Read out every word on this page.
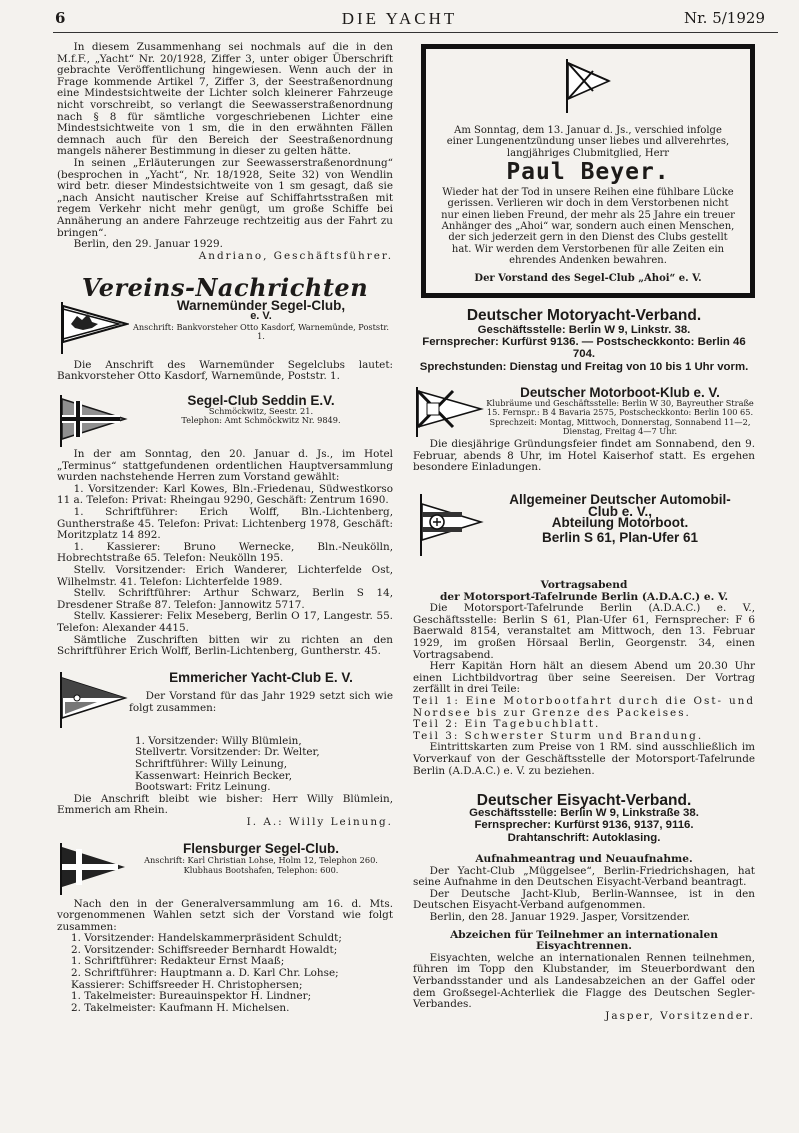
6	DIE YACHT	Nr. 5/1929

In diesem Zusammenhang sei nochmals auf die in den M.f.F., „Yacht“ Nr. 20/1928, Ziffer 3, unter obiger Überschrift gebrachte Veröffentlichung hingewiesen. Wenn auch der in Frage kommende Artikel 7, Ziffer 3, der Seestraßenordnung eine Mindestsichtweite der Lichter solch kleinerer Fahrzeuge nicht vorschreibt, so verlangt die Seewasserstraßenordnung nach § 8 für sämtliche vorgeschriebenen Lichter eine Mindestsichtweite von 1 sm, die in den erwähnten Fällen demnach auch für den Bereich der Seestraßenordnung mangels näherer Bestimmung in dieser zu gelten hätte.

In seinen „Erläuterungen zur Seewasserstraßenordnung“ (besprochen in „Yacht“, Nr. 18/1928, Seite 32) von Wendlin wird betr. dieser Mindestsichtweite von 1 sm gesagt, daß sie „nach Ansicht nautischer Kreise auf Schiffahrtsstraßen mit regem Verkehr nicht mehr genügt, um große Schiffe bei Annäherung an andere Fahrzeuge rechtzeitig aus der Fahrt zu bringen“.

Berlin, den 29. Januar 1929.

Andriano, Geschäftsführer.

Vereins-Nachrichten
Warnemünder Segel-Club,
e. V.
Anschrift: Bankvorsteher Otto Kasdorf, Warnemünde, Poststr. 1.

Die Anschrift des Warnemünder Segelclubs lautet: Bankvorsteher Otto Kasdorf, Warnemünde, Poststr. 1.

Segel-Club Seddin E.V.
Schmöckwitz, Seestr. 21.
Telephon: Amt Schmöckwitz Nr. 9849.

In der am Sonntag, den 20. Januar d. Js., im Hotel „Terminus“ stattgefundenen ordentlichen Hauptversammlung wurden nachstehende Herren zum Vorstand gewählt:

1. Vorsitzender: Karl Kowes, Bln.-Friedenau, Südwestkorso 11 a. Telefon: Privat: Rheingau 9290, Geschäft: Zentrum 1690.

1. Schriftführer: Erich Wolff, Bln.-Lichtenberg, Guntherstraße 45. Telefon: Privat: Lichtenberg 1978, Geschäft: Moritzplatz 14 892.

1. Kassierer: Bruno Wernecke, Bln.-Neukölln, Hobrechtstraße 65. Telefon: Neukölln 195.

Stellv. Vorsitzender: Erich Wanderer, Lichterfelde Ost, Wilhelmstr. 41. Telefon: Lichterfelde 1989.

Stellv. Schriftführer: Arthur Schwarz, Berlin S 14, Dresdener Straße 87. Telefon: Jannowitz 5717.

Stellv. Kassierer: Felix Meseberg, Berlin O 17, Langestr. 55. Telefon: Alexander 4415.

Sämtliche Zuschriften bitten wir zu richten an den Schriftführer Erich Wolff, Berlin-Lichtenberg, Guntherstr. 45.

Emmericher Yacht-Club E. V.

Der Vorstand für das Jahr 1929 setzt sich wie folgt zusammen:

1. Vorsitzender: Willy Blümlein,
Stellvertr. Vorsitzender: Dr. Welter,
Schriftführer: Willy Leinung,
Kassenwart: Heinrich Becker,
Bootswart: Fritz Leinung.

Die Anschrift bleibt wie bisher: Herr Willy Blümlein, Emmerich am Rhein.

I. A.: Willy Leinung.

Flensburger Segel-Club.
Anschrift: Karl Christian Lohse, Holm 12, Telephon 260. Klubhaus Bootshafen, Telephon: 600.

Nach den in der Generalversammlung am 16. d. Mts. vorgenommenen Wahlen setzt sich der Vorstand wie folgt zusammen:

1. Vorsitzender: Handelskammerpräsident Schuldt;
2. Vorsitzender: Schiffsreeder Bernhardt Howaldt;
1. Schriftführer: Redakteur Ernst Maaß;
2. Schriftführer: Hauptmann a. D. Karl Chr. Lohse;
Kassierer: Schiffsreeder H. Christophersen;
1. Takelmeister: Bureauinspektor H. Lindner;
2. Takelmeister: Kaufmann H. Michelsen.

Am Sonntag, dem 13. Januar d. Js., verschied infolge einer Lungenentzündung unser liebes und allverehrtes, langjähriges Clubmitglied, Herr

Paul Beyer.

Wieder hat der Tod in unsere Reihen eine fühlbare Lücke gerissen. Verlieren wir doch in dem Verstorbenen nicht nur einen lieben Freund, der mehr als 25 Jahre ein treuer Anhänger des „Ahoi“ war, sondern auch einen Menschen, der sich jederzeit gern in den Dienst des Clubs gestellt hat. Wir werden dem Verstorbenen für alle Zeiten ein ehrendes Andenken bewahren.

Der Vorstand des Segel-Club „Ahoi“ e. V.

Deutscher Motoryacht-Verband.
Geschäftsstelle: Berlin W 9, Linkstr. 38.
Fernsprecher: Kurfürst 9136. — Postscheckkonto: Berlin 46 704.
Sprechstunden: Dienstag und Freitag von 10 bis 1 Uhr vorm.
Deutscher Motorboot-Klub e. V.
Klubräume und Geschäftsstelle: Berlin W 30, Bayreuther Straße 15. Fernspr.: B 4 Bavaria 2575, Postscheckkonto: Berlin 100 65. Sprechzeit: Montag, Mittwoch, Donnerstag, Sonnabend 11—2, Dienstag, Freitag 4—7 Uhr.

Die diesjährige Gründungsfeier findet am Sonnabend, den 9. Februar, abends 8 Uhr, im Hotel Kaiserhof statt. Es ergehen besondere Einladungen.

Allgemeiner Deutscher Automobil-
Club e. V.,
Abteilung Motorboot.
Berlin S 61, Plan-Ufer 61
Vortragsabend
der Motorsport-Tafelrunde Berlin (A.D.A.C.) e. V.

Die Motorsport-Tafelrunde Berlin (A.D.A.C.) e. V., Geschäftsstelle: Berlin S 61, Plan-Ufer 61, Fernsprecher: F 6 Baerwald 8154, veranstaltet am Mittwoch, den 13. Februar 1929, im großen Hörsaal Berlin, Georgenstr. 34, einen Vortragsabend.

Herr Kapitän Horn hält an diesem Abend um 20.30 Uhr einen Lichtbildvortrag über seine Seereisen. Der Vortrag zerfällt in drei Teile:

Teil 1: Eine Motorbootfahrt durch die Ost- und Nordsee bis zur Grenze des Packeises.

Teil 2: Ein Tagebuchblatt.

Teil 3: Schwerster Sturm und Brandung.

Eintrittskarten zum Preise von 1 RM. sind ausschließlich im Vorverkauf von der Geschäftsstelle der Motorsport-Tafelrunde Berlin (A.D.A.C.) e. V. zu beziehen.

Deutscher Eisyacht-Verband.
Geschäftsstelle: Berlin W 9, Linkstraße 38.
Fernsprecher: Kurfürst 9136, 9137, 9116.
Drahtanschrift: Autoklasing.
Aufnahmeantrag und Neuaufnahme.

Der Yacht-Club „Müggelsee“, Berlin-Friedrichshagen, hat seine Aufnahme in den Deutschen Eisyacht-Verband beantragt.

Der Deutsche Jacht-Klub, Berlin-Wannsee, ist in den Deutschen Eisyacht-Verband aufgenommen.

Berlin, den 28. Januar 1929. Jasper, Vorsitzender.

Abzeichen für Teilnehmer an internationalen Eisyachtrennen.

Eisyachten, welche an internationalen Rennen teilnehmen, führen im Topp den Klubstander, im Steuerbordwant den Verbandsstander und als Landesabzeichen an der Gaffel oder dem Großsegel-Achterliek die Flagge des Deutschen Segler-Verbandes.

Jasper, Vorsitzender.
